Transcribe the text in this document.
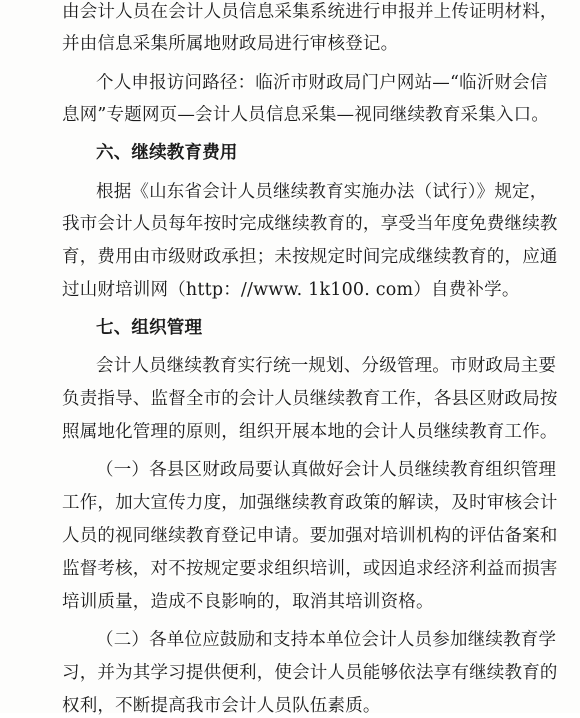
由会计人员在会计人员信息采集系统进行申报并上传证明材料，
并由信息采集所属地财政局进行审核登记。
个人申报访问路径：临沂市财政局门户网站—“临沂财会信
息网”专题网页—会计人员信息采集—视同继续教育采集入口。
六、继续教育费用
根据《山东省会计人员继续教育实施办法（试行）》规定，
我市会计人员每年按时完成继续教育的，享受当年度免费继续教
育，费用由市级财政承担；未按规定时间完成继续教育的，应通
过山财培训网（http：//www. 1k100. com）自费补学。
七、组织管理
会计人员继续教育实行统一规划、分级管理。市财政局主要
负责指导、监督全市的会计人员继续教育工作，各县区财政局按
照属地化管理的原则，组织开展本地的会计人员继续教育工作。
（一）各县区财政局要认真做好会计人员继续教育组织管理
工作，加大宣传力度，加强继续教育政策的解读，及时审核会计
人员的视同继续教育登记申请。要加强对培训机构的评估备案和
监督考核，对不按规定要求组织培训，或因追求经济利益而损害
培训质量，造成不良影响的，取消其培训资格。
（二）各单位应鼓励和支持本单位会计人员参加继续教育学
习，并为其学习提供便利，使会计人员能够依法享有继续教育的
权利，不断提高我市会计人员队伍素质。
